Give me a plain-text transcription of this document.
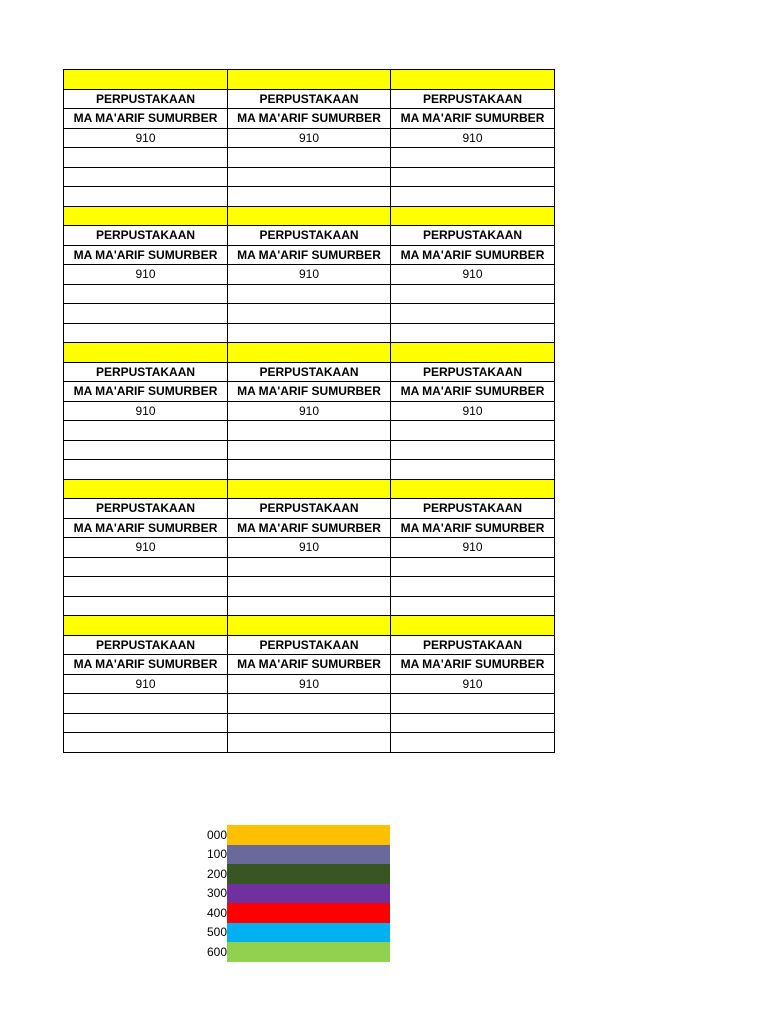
PERPUSTAKAAN	PERPUSTAKAAN	PERPUSTAKAAN
MA MA'ARIF SUMURBER	MA MA'ARIF SUMURBER	MA MA'ARIF SUMURBER
910	910	910

PERPUSTAKAAN	PERPUSTAKAAN	PERPUSTAKAAN
MA MA'ARIF SUMURBER	MA MA'ARIF SUMURBER	MA MA'ARIF SUMURBER
910	910	910

PERPUSTAKAAN	PERPUSTAKAAN	PERPUSTAKAAN
MA MA'ARIF SUMURBER	MA MA'ARIF SUMURBER	MA MA'ARIF SUMURBER
910	910	910

PERPUSTAKAAN	PERPUSTAKAAN	PERPUSTAKAAN
MA MA'ARIF SUMURBER	MA MA'ARIF SUMURBER	MA MA'ARIF SUMURBER
910	910	910

PERPUSTAKAAN	PERPUSTAKAAN	PERPUSTAKAAN
MA MA'ARIF SUMURBER	MA MA'ARIF SUMURBER	MA MA'ARIF SUMURBER
910	910	910

000
100
200
300
400
500
600
